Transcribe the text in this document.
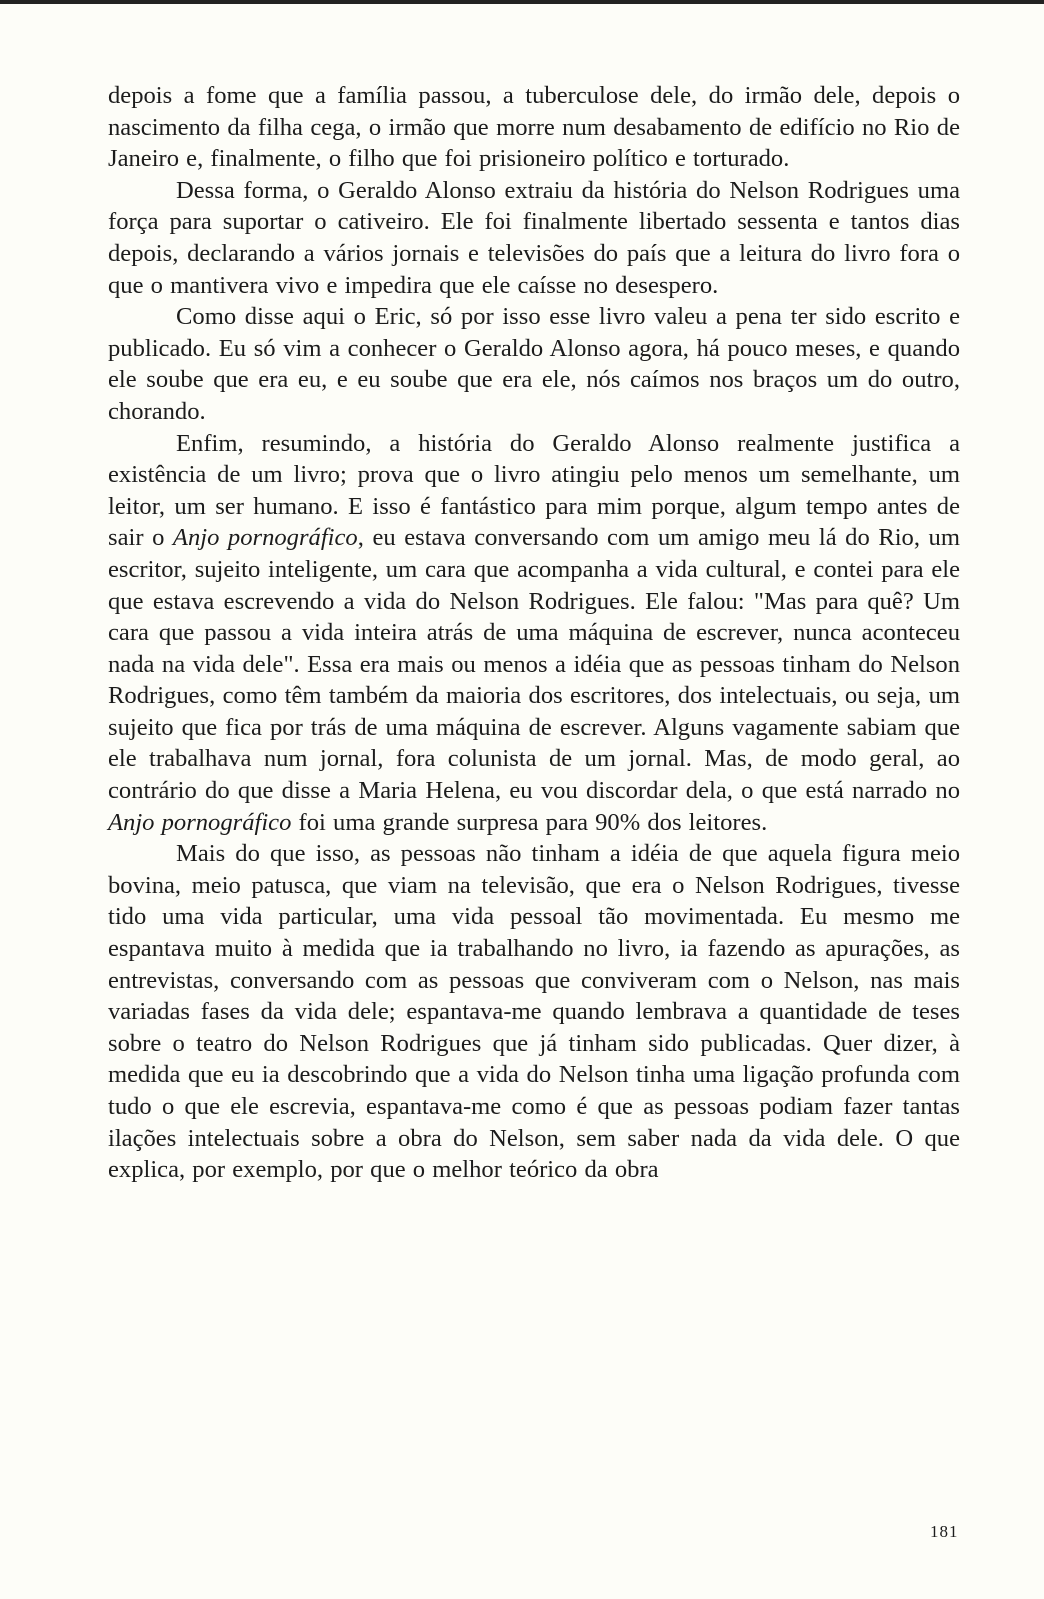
depois a fome que a família passou, a tuberculose dele, do irmão dele, depois o nascimento da filha cega, o irmão que morre num desabamento de edifício no Rio de Janeiro e, finalmente, o filho que foi prisioneiro político e torturado.

Dessa forma, o Geraldo Alonso extraiu da história do Nelson Rodrigues uma força para suportar o cativeiro. Ele foi finalmente libertado sessenta e tantos dias depois, declarando a vários jornais e televisões do país que a leitura do livro fora o que o mantivera vivo e impedira que ele caísse no desespero.

Como disse aqui o Eric, só por isso esse livro valeu a pena ter sido escrito e publicado. Eu só vim a conhecer o Geraldo Alonso agora, há pouco meses, e quando ele soube que era eu, e eu soube que era ele, nós caímos nos braços um do outro, chorando.

Enfim, resumindo, a história do Geraldo Alonso realmente justifica a existência de um livro; prova que o livro atingiu pelo menos um semelhante, um leitor, um ser humano. E isso é fantástico para mim porque, algum tempo antes de sair o Anjo pornográfico, eu estava conversando com um amigo meu lá do Rio, um escritor, sujeito inteligente, um cara que acompanha a vida cultural, e contei para ele que estava escrevendo a vida do Nelson Rodrigues. Ele falou: "Mas para quê? Um cara que passou a vida inteira atrás de uma máquina de escrever, nunca aconteceu nada na vida dele". Essa era mais ou menos a idéia que as pessoas tinham do Nelson Rodrigues, como têm também da maioria dos escritores, dos intelectuais, ou seja, um sujeito que fica por trás de uma máquina de escrever. Alguns vagamente sabiam que ele trabalhava num jornal, fora colunista de um jornal. Mas, de modo geral, ao contrário do que disse a Maria Helena, eu vou discordar dela, o que está narrado no Anjo pornográfico foi uma grande surpresa para 90% dos leitores.

Mais do que isso, as pessoas não tinham a idéia de que aquela figura meio bovina, meio patusca, que viam na televisão, que era o Nelson Rodrigues, tivesse tido uma vida particular, uma vida pessoal tão movimentada. Eu mesmo me espantava muito à medida que ia trabalhando no livro, ia fazendo as apurações, as entrevistas, conversando com as pessoas que conviveram com o Nelson, nas mais variadas fases da vida dele; espantava-me quando lembrava a quantidade de teses sobre o teatro do Nelson Rodrigues que já tinham sido publicadas. Quer dizer, à medida que eu ia descobrindo que a vida do Nelson tinha uma ligação profunda com tudo o que ele escrevia, espantava-me como é que as pessoas podiam fazer tantas ilações intelectuais sobre a obra do Nelson, sem saber nada da vida dele. O que explica, por exemplo, por que o melhor teórico da obra

181
